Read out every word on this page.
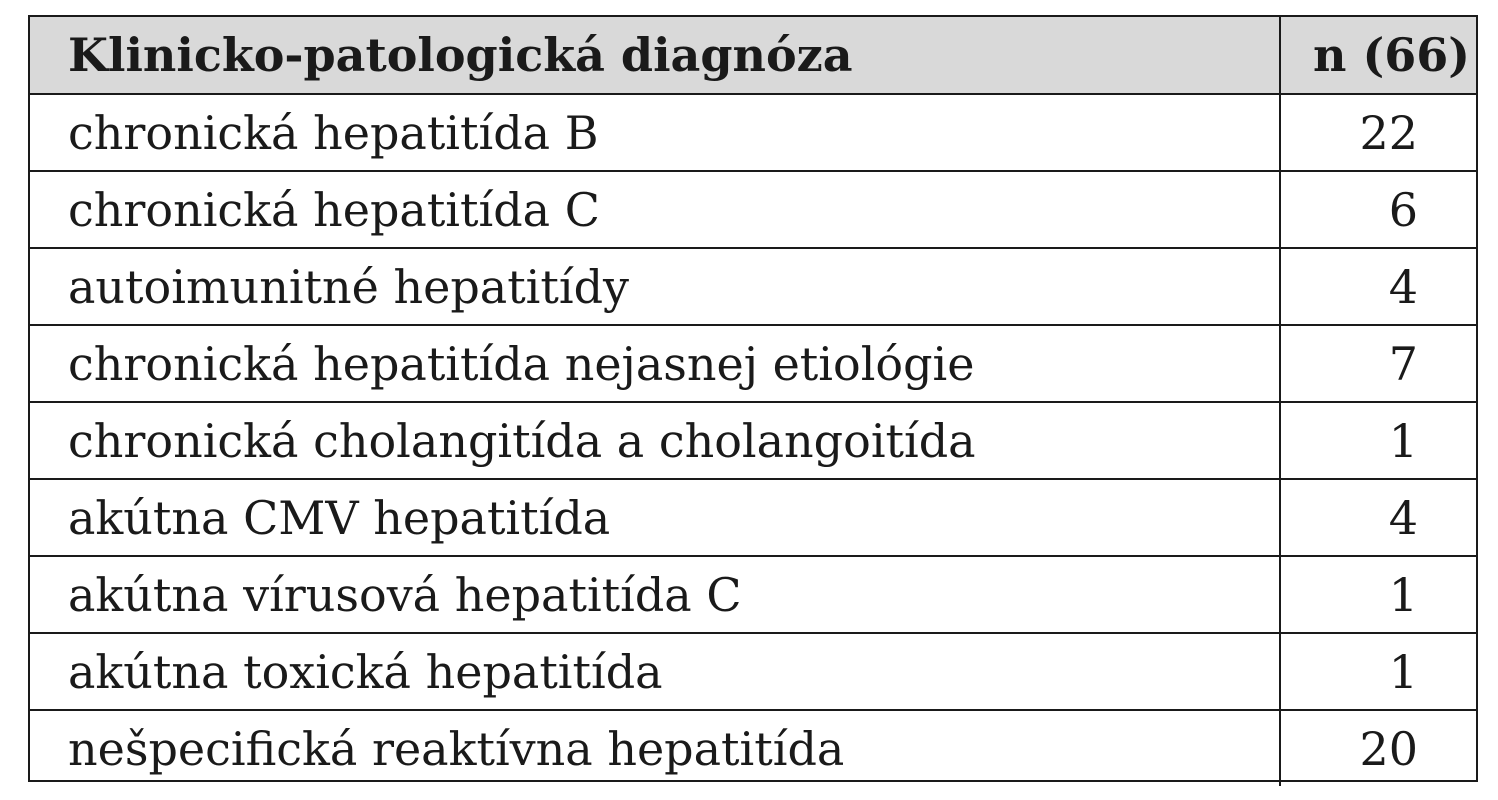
Klinicko-patologická diagnóza	n (66)
chronická hepatitída B	22
chronická hepatitída C	6
autoimunitné hepatitídy	4
chronická hepatitída nejasnej etiológie	7
chronická cholangitída a cholangoitída	1
akútna CMV hepatitída	4
akútna vírusová hepatitída C	1
akútna toxická hepatitída	1
nešpecifická reaktívna hepatitída	20
